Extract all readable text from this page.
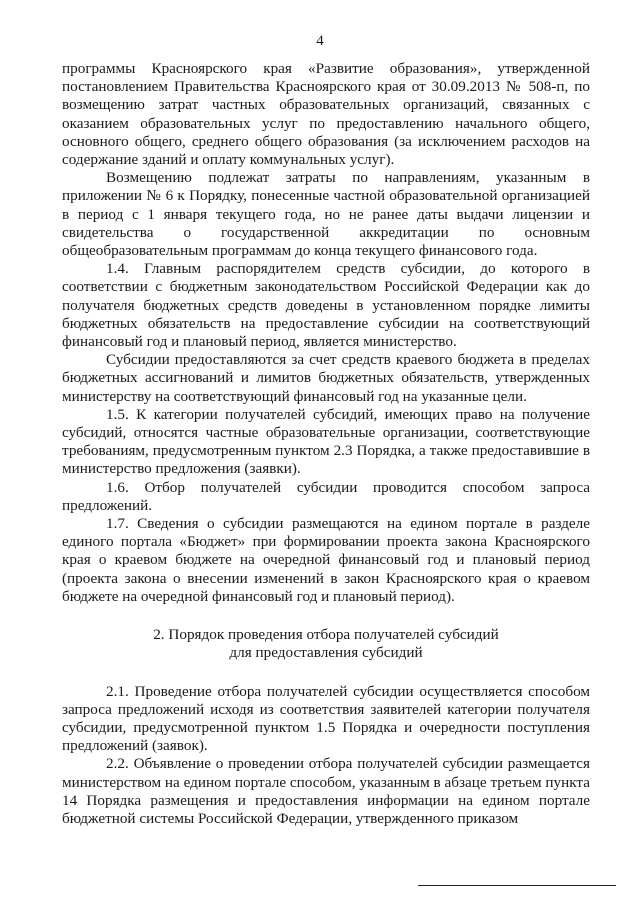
4

программы Красноярского края «Развитие образования», утвержденной постановлением Правительства Красноярского края от 30.09.2013 № 508-п, по возмещению затрат частных образовательных организаций, связанных с оказанием образовательных услуг по предоставлению начального общего, основного общего, среднего общего образования (за исключением расходов на содержание зданий и оплату коммунальных услуг).

Возмещению подлежат затраты по направлениям, указанным в приложении № 6 к Порядку, понесенные частной образовательной организацией в период с 1 января текущего года, но не ранее даты выдачи лицензии и свидетельства о государственной аккредитации по основным общеобразовательным программам до конца текущего финансового года.

1.4. Главным распорядителем средств субсидии, до которого в соответствии с бюджетным законодательством Российской Федерации как до получателя бюджетных средств доведены в установленном порядке лимиты бюджетных обязательств на предоставление субсидии на соответствующий финансовый год и плановый период, является министерство.

Субсидии предоставляются за счет средств краевого бюджета в пределах бюджетных ассигнований и лимитов бюджетных обязательств, утвержденных министерству на соответствующий финансовый год на указанные цели.

1.5. К категории получателей субсидий, имеющих право на получение субсидий, относятся частные образовательные организации, соответствующие требованиям, предусмотренным пунктом 2.3 Порядка, а также предоставившие в министерство предложения (заявки).

1.6. Отбор получателей субсидии проводится способом запроса предложений.

1.7. Сведения о субсидии размещаются на едином портале в разделе единого портала «Бюджет» при формировании проекта закона Красноярского края о краевом бюджете на очередной финансовый год и плановый период (проекта закона о внесении изменений в закон Красноярского края о краевом бюджете на очередной финансовый год и плановый период).

2. Порядок проведения отбора получателей субсидий

для предоставления субсидий

2.1. Проведение отбора получателей субсидии осуществляется способом запроса предложений исходя из соответствия заявителей категории получателя субсидии, предусмотренной пунктом 1.5 Порядка и очередности поступления предложений (заявок).

2.2. Объявление о проведении отбора получателей субсидии размещается министерством на едином портале способом, указанным в абзаце третьем пункта 14 Порядка размещения и предоставления информации на едином портале бюджетной системы Российской Федерации, утвержденного приказом
